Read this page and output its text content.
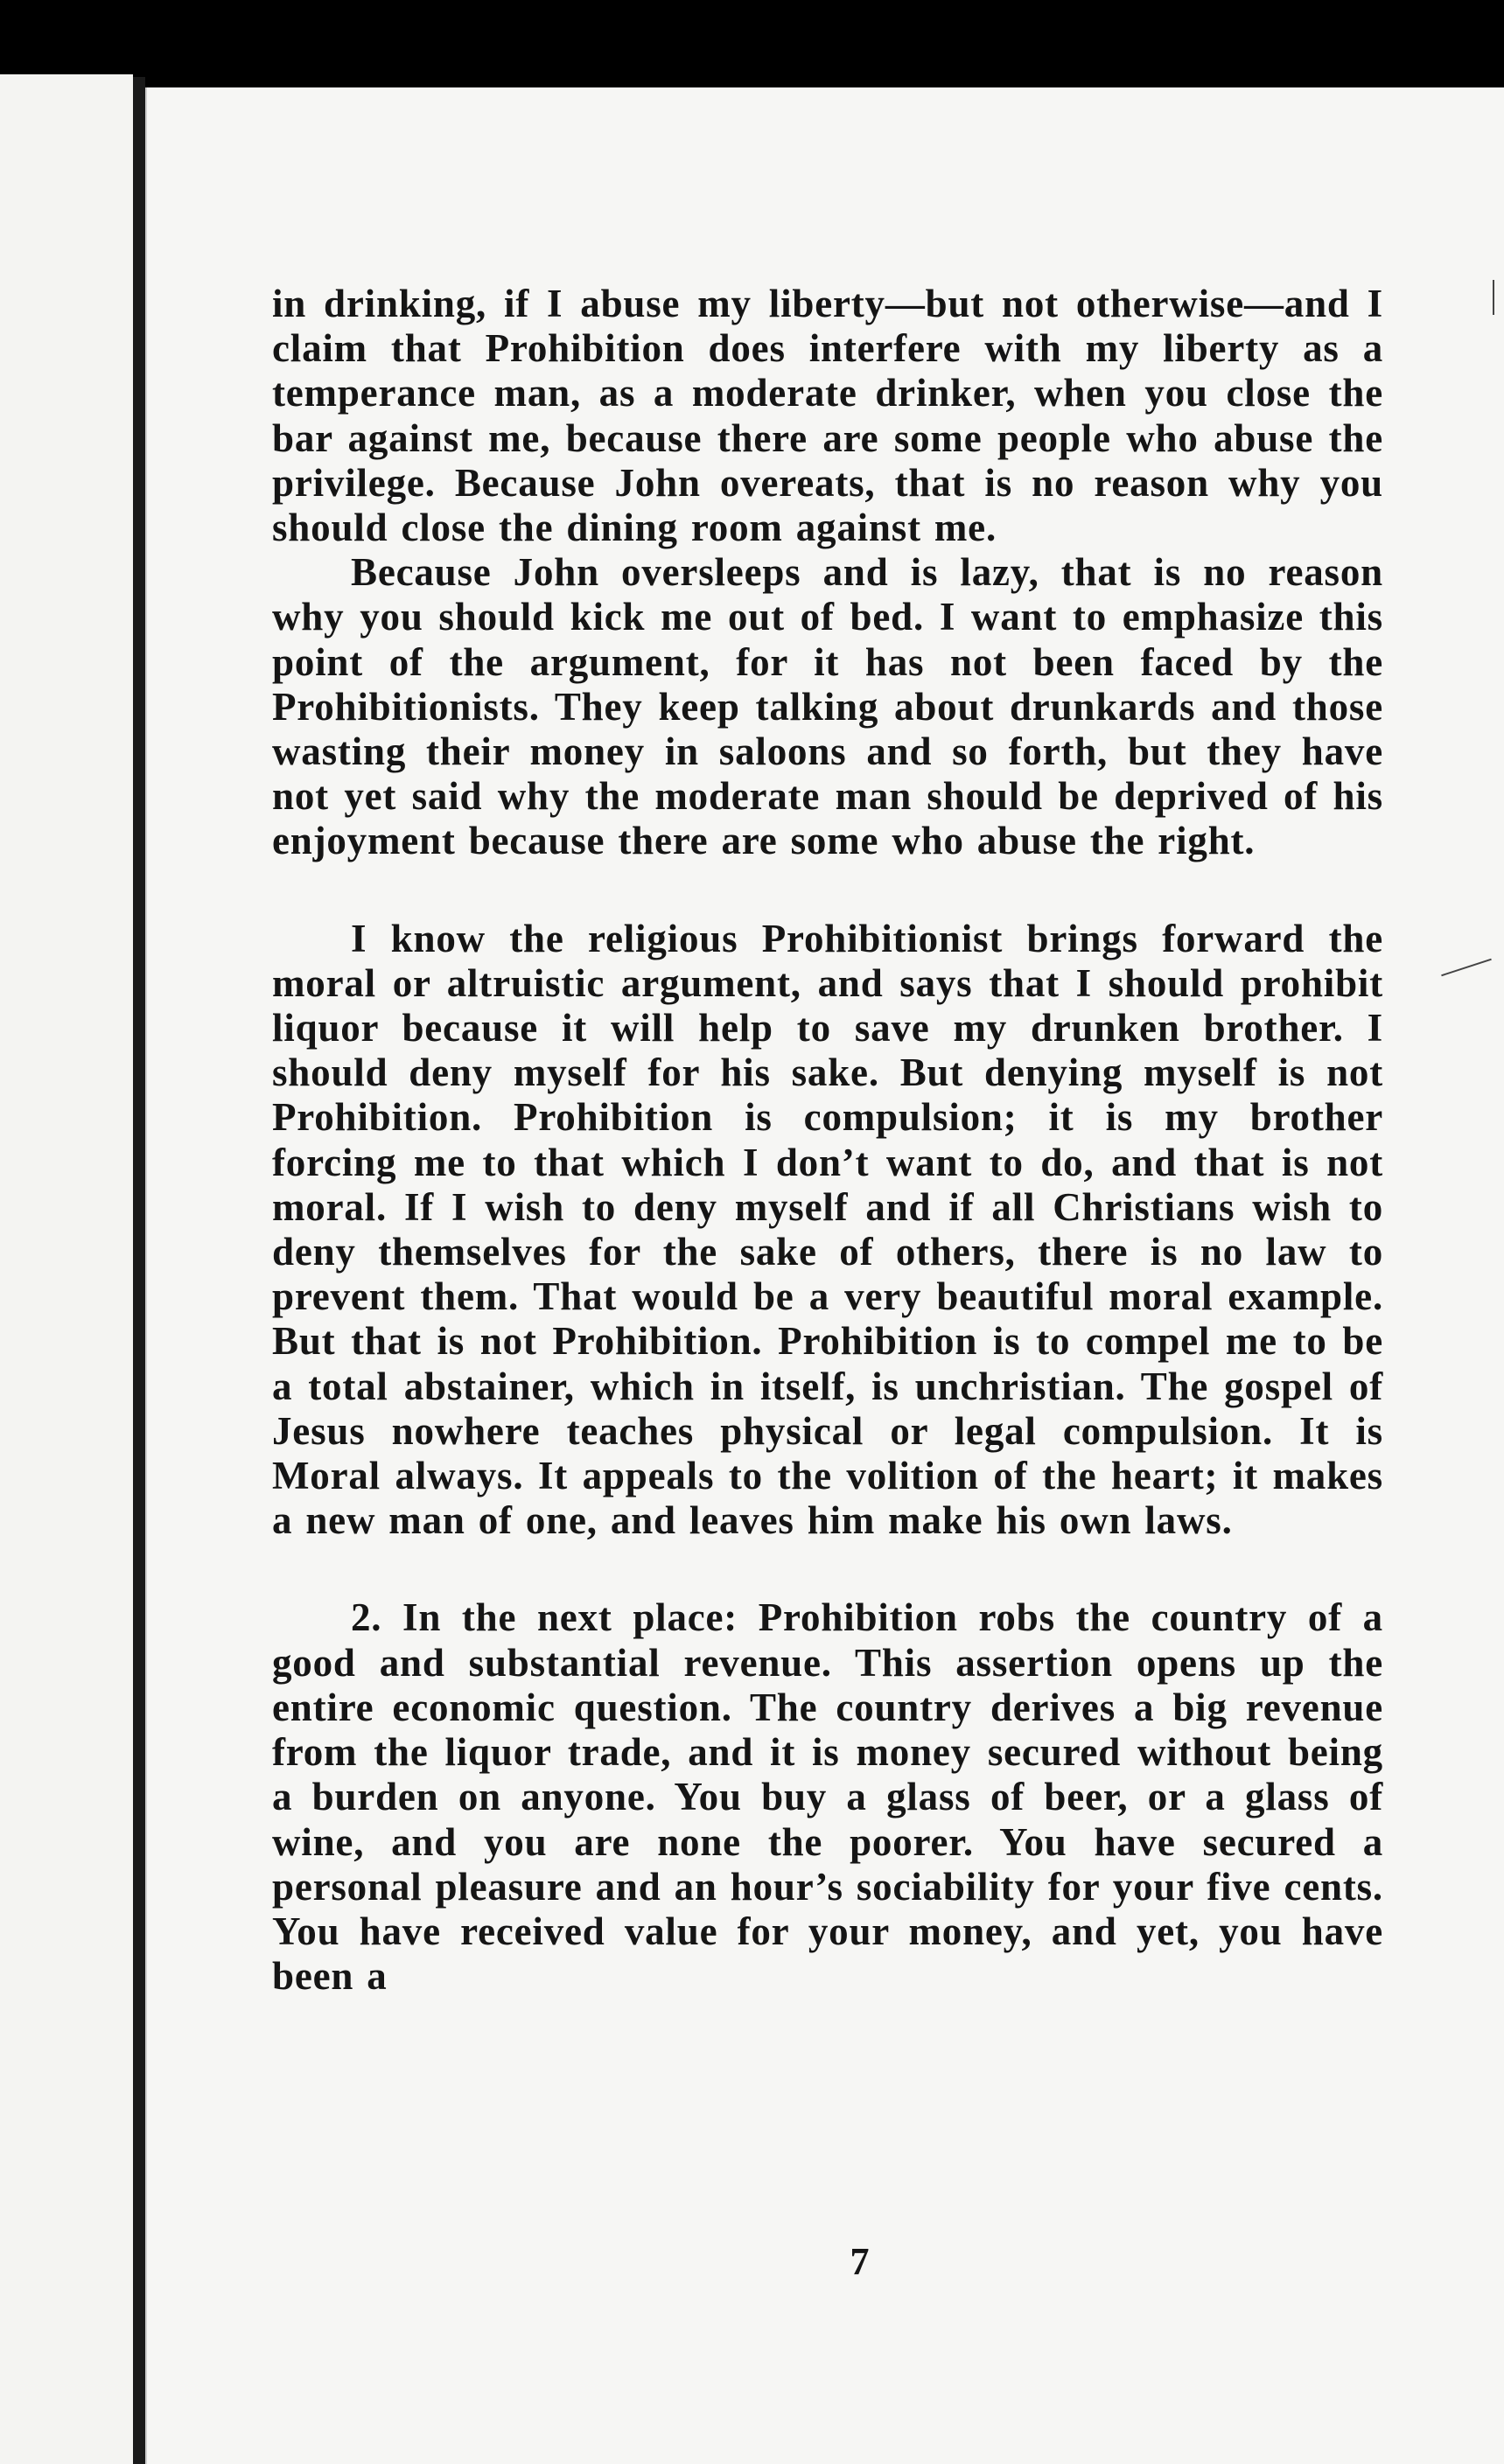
in drinking, if I abuse my liberty—but not otherwise—and I claim that Prohibition does interfere with my liberty as a temperance man, as a moderate drinker, when you close the bar against me, because there are some people who abuse the privilege. Because John overeats, that is no reason why you should close the dining room against me.

Because John oversleeps and is lazy, that is no reason why you should kick me out of bed. I want to emphasize this point of the argument, for it has not been faced by the Prohibitionists. They keep talking about drunkards and those wasting their money in saloons and so forth, but they have not yet said why the moderate man should be deprived of his enjoyment because there are some who abuse the right.

I know the religious Prohibitionist brings forward the moral or altruistic argument, and says that I should prohibit liquor because it will help to save my drunken brother. I should deny myself for his sake. But denying myself is not Prohibition. Prohibition is compulsion; it is my brother forcing me to that which I don’t want to do, and that is not moral. If I wish to deny myself and if all Christians wish to deny themselves for the sake of others, there is no law to prevent them. That would be a very beautiful moral example. But that is not Prohibition. Prohibition is to compel me to be a total abstainer, which in itself, is unchristian. The gospel of Jesus nowhere teaches physical or legal compulsion. It is Moral always. It appeals to the volition of the heart; it makes a new man of one, and leaves him make his own laws.

2. In the next place: Prohibition robs the country of a good and substantial revenue. This assertion opens up the entire economic question. The country derives a big revenue from the liquor trade, and it is money secured without being a burden on anyone. You buy a glass of beer, or a glass of wine, and you are none the poorer. You have secured a personal pleasure and an hour’s sociability for your five cents. You have received value for your money, and yet, you have been a

7
